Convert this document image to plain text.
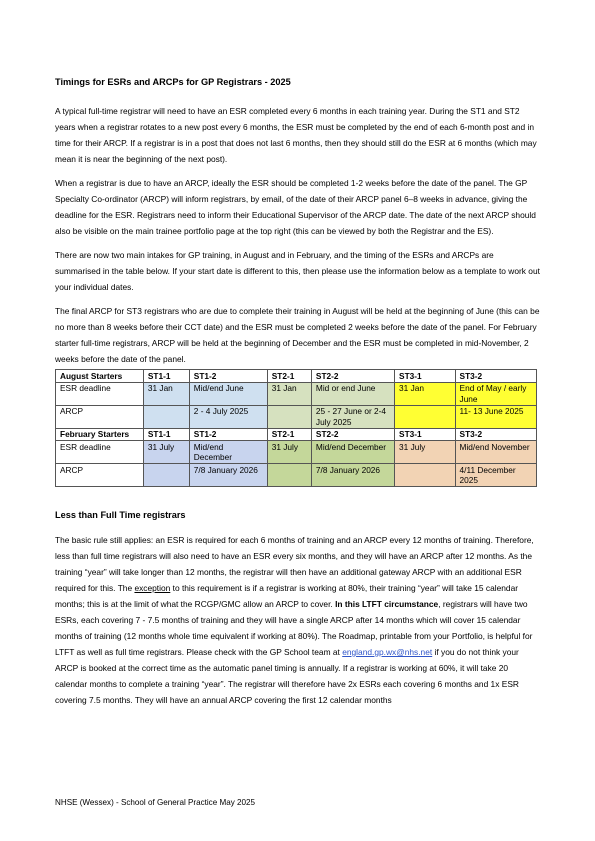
Timings for ESRs and ARCPs for GP Registrars - 2025

A typical full-time registrar will need to have an ESR completed every 6 months in each training year. During the ST1 and ST2 years when a registrar rotates to a new post every 6 months, the ESR must be completed by the end of each 6-month post and in time for their ARCP. If a registrar is in a post that does not last 6 months, then they should still do the ESR at 6 months (which may mean it is near the beginning of the next post).

When a registrar is due to have an ARCP, ideally the ESR should be completed 1-2 weeks before the date of the panel. The GP Specialty Co-ordinator (ARCP) will inform registrars, by email, of the date of their ARCP panel 6–8 weeks in advance, giving the deadline for the ESR. Registrars need to inform their Educational Supervisor of the ARCP date. The date of the next ARCP should also be visible on the main trainee portfolio page at the top right (this can be viewed by both the Registrar and the ES).

There are now two main intakes for GP training, in August and in February, and the timing of the ESRs and ARCPs are summarised in the table below. If your start date is different to this, then please use the information below as a template to work out your individual dates.

The final ARCP for ST3 registrars who are due to complete their training in August will be held at the beginning of June (this can be no more than 8 weeks before their CCT date) and the ESR must be completed 2 weeks before the date of the panel. For February starter full-time registrars, ARCP will be held at the beginning of December and the ESR must be completed in mid-November, 2 weeks before the date of the panel.

August Starters	ST1-1	ST1-2	ST2-1	ST2-2	ST3-1	ST3-2
ESR deadline	31 Jan	Mid/end June	31 Jan	Mid or end June	31 Jan	End of May / early June
ARCP		2 - 4 July 2025		25 - 27 June or 2-4 July 2025		11- 13 June 2025
February Starters	ST1-1	ST1-2	ST2-1	ST2-2	ST3-1	ST3-2
ESR deadline	31 July	Mid/end December	31 July	Mid/end December	31 July	Mid/end November
ARCP		7/8 January 2026		7/8 January 2026		4/11 December 2025
Less than Full Time registrars

The basic rule still applies: an ESR is required for each 6 months of training and an ARCP every 12 months of training. Therefore, less than full time registrars will also need to have an ESR every six months, and they will have an ARCP after 12 months. As the training “year” will take longer than 12 months, the registrar will then have an additional gateway ARCP with an additional ESR required for this. The exception to this requirement is if a registrar is working at 80%, their training “year” will take 15 calendar months; this is at the limit of what the RCGP/GMC allow an ARCP to cover. In this LTFT circumstance, registrars will have two ESRs, each covering 7 - 7.5 months of training and they will have a single ARCP after 14 months which will cover 15 calendar months of training (12 months whole time equivalent if working at 80%). The Roadmap, printable from your Portfolio, is helpful for LTFT as well as full time registrars. Please check with the GP School team at england.gp.wx@nhs.net if you do not think your ARCP is booked at the correct time as the automatic panel timing is annually. If a registrar is working at 60%, it will take 20 calendar months to complete a training “year”. The registrar will therefore have 2x ESRs each covering 6 months and 1x ESR covering 7.5 months. They will have an annual ARCP covering the first 12 calendar months

NHSE (Wessex) - School of General Practice May 2025
